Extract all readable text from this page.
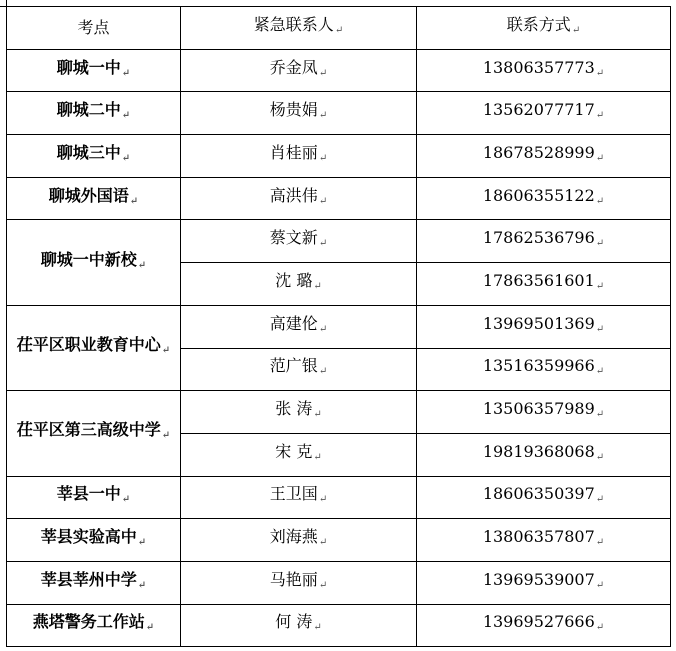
考点	紧急联系人↵	联系方式↵
聊城一中↵	乔金凤↵	13806357773↵
聊城二中↵	杨贵娟↵	13562077717↵
聊城三中↵	肖桂丽↵	18678528999↵
聊城外国语↵	高洪伟↵	18606355122↵
聊城一中新校↵	蔡文新↵	17862536796↵
	沈 璐↵	17863561601↵
茌平区职业教育中心↵	高建伦↵	13969501369↵
	范广银↵	13516359966↵
茌平区第三高级中学↵	张 涛↵	13506357989↵
	宋 克↵	19819368068↵
莘县一中↵	王卫国↵	18606350397↵
莘县实验高中↵	刘海燕↵	13806357807↵
莘县莘州中学↵	马艳丽↵	13969539007↵
燕塔警务工作站↵	何 涛↵	13969527666↵
